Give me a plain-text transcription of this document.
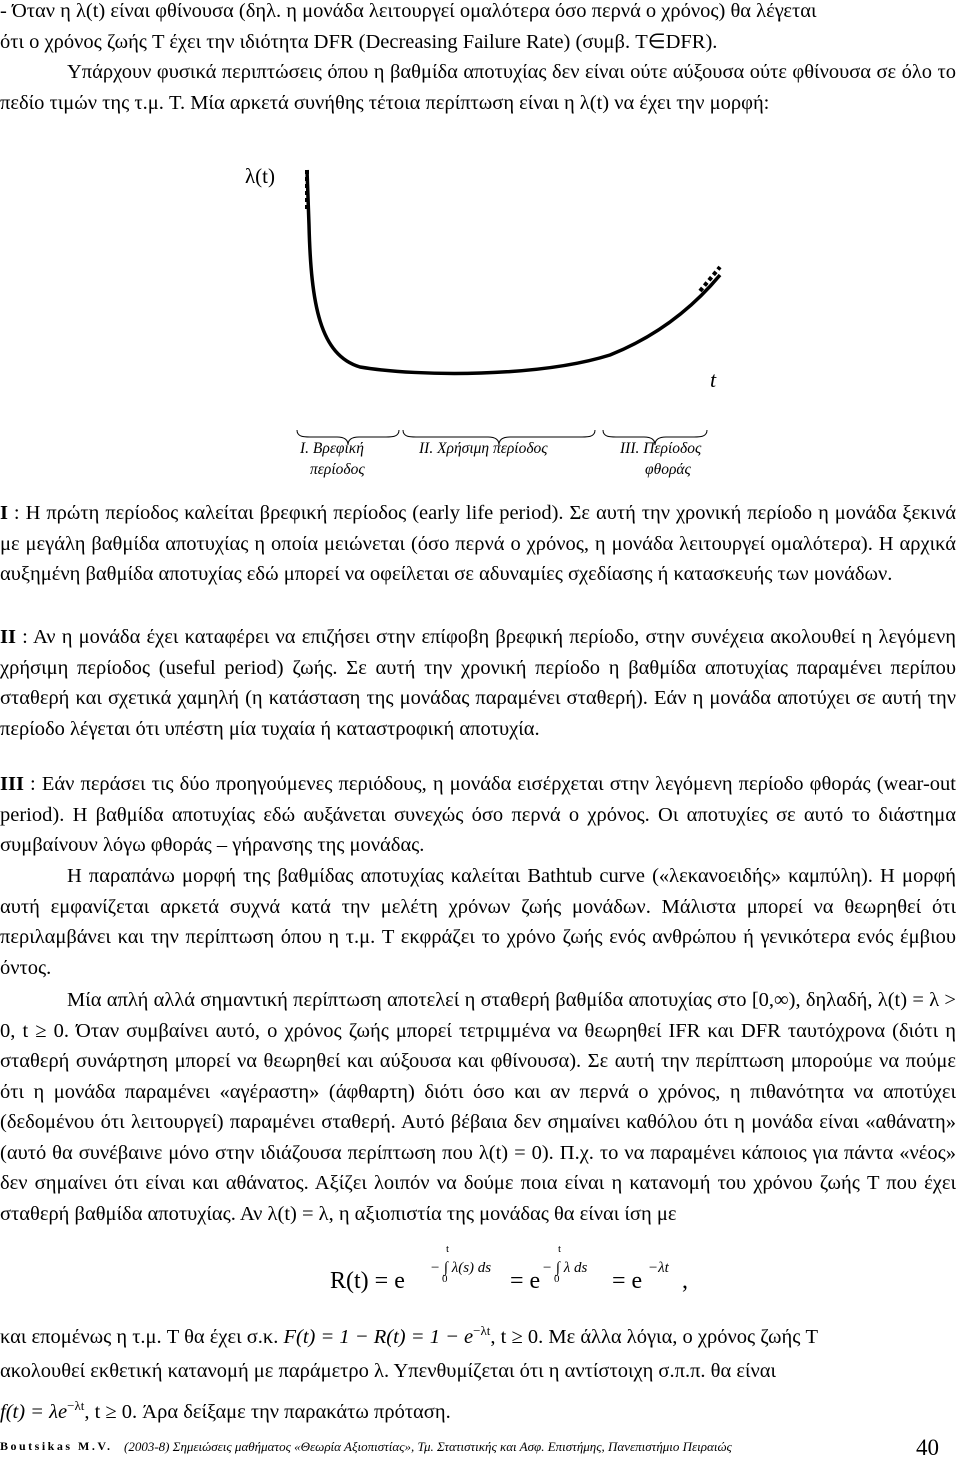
- Όταν η λ(t) είναι φθίνουσα (δηλ. η μονάδα λειτουργεί ομαλότερα όσο περνά ο χρόνος) θα λέγεται

ότι ο χρόνος ζωής T έχει την ιδιότητα DFR (Decreasing Failure Rate) (συμβ. T∈DFR).

Υπάρχουν φυσικά περιπτώσεις όπου η βαθμίδα αποτυχίας δεν είναι ούτε αύξουσα ούτε φθίνουσα σε όλο το πεδίο τιμών της τ.μ. T. Μία αρκετά συνήθης τέτοια περίπτωση είναι η λ(t) να έχει την μορφή:

λ(t)
t
I. Βρεφική
περίοδος
II. Χρήσιμη περίοδος	III. Περίοδος
φθοράς

Ι : Η πρώτη περίοδος καλείται βρεφική περίοδος (early life period). Σε αυτή την χρονική περίοδο η μονάδα ξεκινά με μεγάλη βαθμίδα αποτυχίας η οποία μειώνεται (όσο περνά ο χρόνος, η μονάδα λειτουργεί ομαλότερα). Η αρχικά αυξημένη βαθμίδα αποτυχίας εδώ μπορεί να οφείλεται σε αδυναμίες σχεδίασης ή κατασκευής των μονάδων.

ΙΙ : Αν η μονάδα έχει καταφέρει να επιζήσει στην επίφοβη βρεφική περίοδο, στην συνέχεια ακολουθεί η λεγόμενη χρήσιμη περίοδος (useful period) ζωής. Σε αυτή την χρονική περίοδο η βαθμίδα αποτυχίας παραμένει περίπου σταθερή και σχετικά χαμηλή (η κατάσταση της μονάδας παραμένει σταθερή). Εάν η μονάδα αποτύχει σε αυτή την περίοδο λέγεται ότι υπέστη μία τυχαία ή καταστροφική αποτυχία.

ΙΙΙ : Εάν περάσει τις δύο προηγούμενες περιόδους, η μονάδα εισέρχεται στην λεγόμενη περίοδο φθοράς (wear-out period). Η βαθμίδα αποτυχίας εδώ αυξάνεται συνεχώς όσο περνά ο χρόνος. Οι αποτυχίες σε αυτό το διάστημα συμβαίνουν λόγω φθοράς – γήρανσης της μονάδας.

Η παραπάνω μορφή της βαθμίδας αποτυχίας καλείται Bathtub curve («λεκανοειδής» καμπύλη). Η μορφή αυτή εμφανίζεται αρκετά συχνά κατά την μελέτη χρόνων ζωής μονάδων. Μάλιστα μπορεί να θεωρηθεί ότι περιλαμβάνει και την περίπτωση όπου η τ.μ. T εκφράζει το χρόνο ζωής ενός ανθρώπου ή γενικότερα ενός έμβιου όντος.

Μία απλή αλλά σημαντική περίπτωση αποτελεί η σταθερή βαθμίδα αποτυχίας στο [0,∞), δηλαδή, λ(t) = λ > 0, t ≥ 0. Όταν συμβαίνει αυτό, ο χρόνος ζωής μπορεί τετριμμένα να θεωρηθεί IFR και DFR ταυτόχρονα (διότι η σταθερή συνάρτηση μπορεί να θεωρηθεί και αύξουσα και φθίνουσα). Σε αυτή την περίπτωση μπορούμε να πούμε ότι η μονάδα παραμένει «αγέραστη» (άφθαρτη) διότι όσο και αν περνά ο χρόνος, η πιθανότητα να αποτύχει (δεδομένου ότι λειτουργεί) παραμένει σταθερή. Αυτό βέβαια δεν σημαίνει καθόλου ότι η μονάδα είναι «αθάνατη» (αυτό θα συνέβαινε μόνο στην ιδιάζουσα περίπτωση που λ(t) = 0). Π.χ. το να παραμένει κάποιος για πάντα «νέος» δεν σημαίνει ότι είναι και αθάνατος. Αξίζει λοιπόν να δούμε ποια είναι η κατανομή του χρόνου ζωής T που έχει σταθερή βαθμίδα αποτυχίας. Αν λ(t) = λ, η αξιοπιστία της μονάδας θα είναι ίση με

R(t) = e − ∫ λ(s) ds
t
0	= e − ∫ λ ds
t
0 = e −λt ,

και επομένως η τ.μ. T θα έχει σ.κ. $F(t) = 1 - R(t) = 1 - e^{-\lambda t}$, t ≥ 0. Με άλλα λόγια, ο χρόνος ζωής T

ακολουθεί εκθετική κατανομή με παράμετρο λ. Υπενθυμίζεται ότι η αντίστοιχη σ.π.π. θα είναι

$f(t) = \lambda e^{-\lambda t}$, t ≥ 0. Άρα δείξαμε την παρακάτω πρόταση.

Boutsikas M.V. (2003-8) Σημειώσεις μαθήματος «Θεωρία Αξιοπιστίας», Τμ. Στατιστικής και Ασφ. Επιστήμης, Πανεπιστήμιο Πειραιώς	40
